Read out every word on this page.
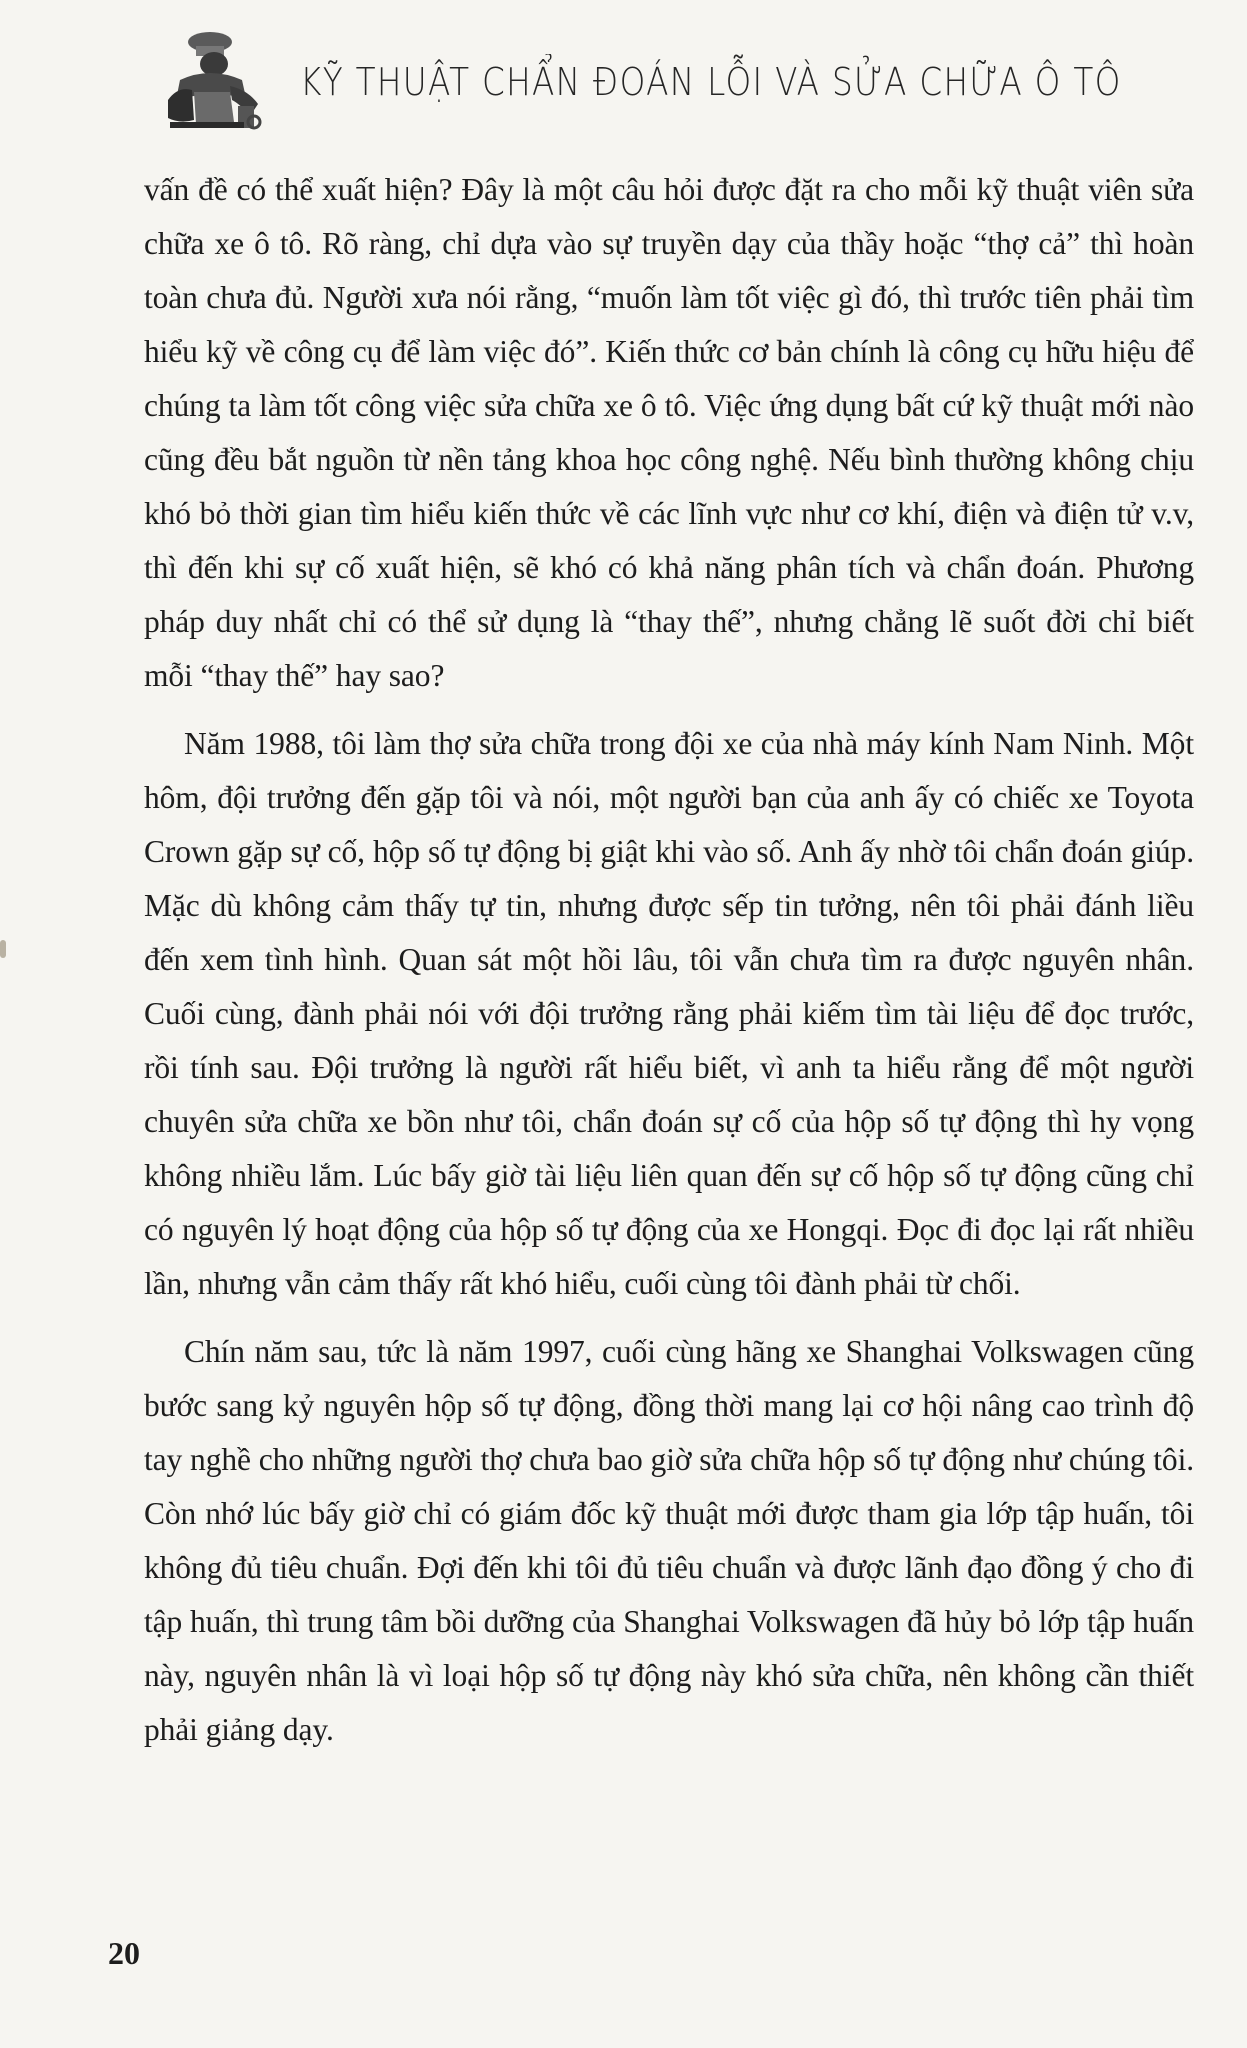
KỸ THUẬT CHẨN ĐOÁN LỖI VÀ SỬA CHỮA Ô TÔ

vấn đề có thể xuất hiện? Đây là một câu hỏi được đặt ra cho mỗi kỹ thuật viên sửa chữa xe ô tô. Rõ ràng, chỉ dựa vào sự truyền dạy của thầy hoặc “thợ cả” thì hoàn toàn chưa đủ. Người xưa nói rằng, “muốn làm tốt việc gì đó, thì trước tiên phải tìm hiểu kỹ về công cụ để làm việc đó”. Kiến thức cơ bản chính là công cụ hữu hiệu để chúng ta làm tốt công việc sửa chữa xe ô tô. Việc ứng dụng bất cứ kỹ thuật mới nào cũng đều bắt nguồn từ nền tảng khoa học công nghệ. Nếu bình thường không chịu khó bỏ thời gian tìm hiểu kiến thức về các lĩnh vực như cơ khí, điện và điện tử v.v, thì đến khi sự cố xuất hiện, sẽ khó có khả năng phân tích và chẩn đoán. Phương pháp duy nhất chỉ có thể sử dụng là “thay thế”, nhưng chẳng lẽ suốt đời chỉ biết mỗi “thay thế” hay sao?

Năm 1988, tôi làm thợ sửa chữa trong đội xe của nhà máy kính Nam Ninh. Một hôm, đội trưởng đến gặp tôi và nói, một người bạn của anh ấy có chiếc xe Toyota Crown gặp sự cố, hộp số tự động bị giật khi vào số. Anh ấy nhờ tôi chẩn đoán giúp. Mặc dù không cảm thấy tự tin, nhưng được sếp tin tưởng, nên tôi phải đánh liều đến xem tình hình. Quan sát một hồi lâu, tôi vẫn chưa tìm ra được nguyên nhân. Cuối cùng, đành phải nói với đội trưởng rằng phải kiếm tìm tài liệu để đọc trước, rồi tính sau. Đội trưởng là người rất hiểu biết, vì anh ta hiểu rằng để một người chuyên sửa chữa xe bồn như tôi, chẩn đoán sự cố của hộp số tự động thì hy vọng không nhiều lắm. Lúc bấy giờ tài liệu liên quan đến sự cố hộp số tự động cũng chỉ có nguyên lý hoạt động của hộp số tự động của xe Hongqi. Đọc đi đọc lại rất nhiều lần, nhưng vẫn cảm thấy rất khó hiểu, cuối cùng tôi đành phải từ chối.

Chín năm sau, tức là năm 1997, cuối cùng hãng xe Shanghai Volkswagen cũng bước sang kỷ nguyên hộp số tự động, đồng thời mang lại cơ hội nâng cao trình độ tay nghề cho những người thợ chưa bao giờ sửa chữa hộp số tự động như chúng tôi. Còn nhớ lúc bấy giờ chỉ có giám đốc kỹ thuật mới được tham gia lớp tập huấn, tôi không đủ tiêu chuẩn. Đợi đến khi tôi đủ tiêu chuẩn và được lãnh đạo đồng ý cho đi tập huấn, thì trung tâm bồi dưỡng của Shanghai Volkswagen đã hủy bỏ lớp tập huấn này, nguyên nhân là vì loại hộp số tự động này khó sửa chữa, nên không cần thiết phải giảng dạy.

20
